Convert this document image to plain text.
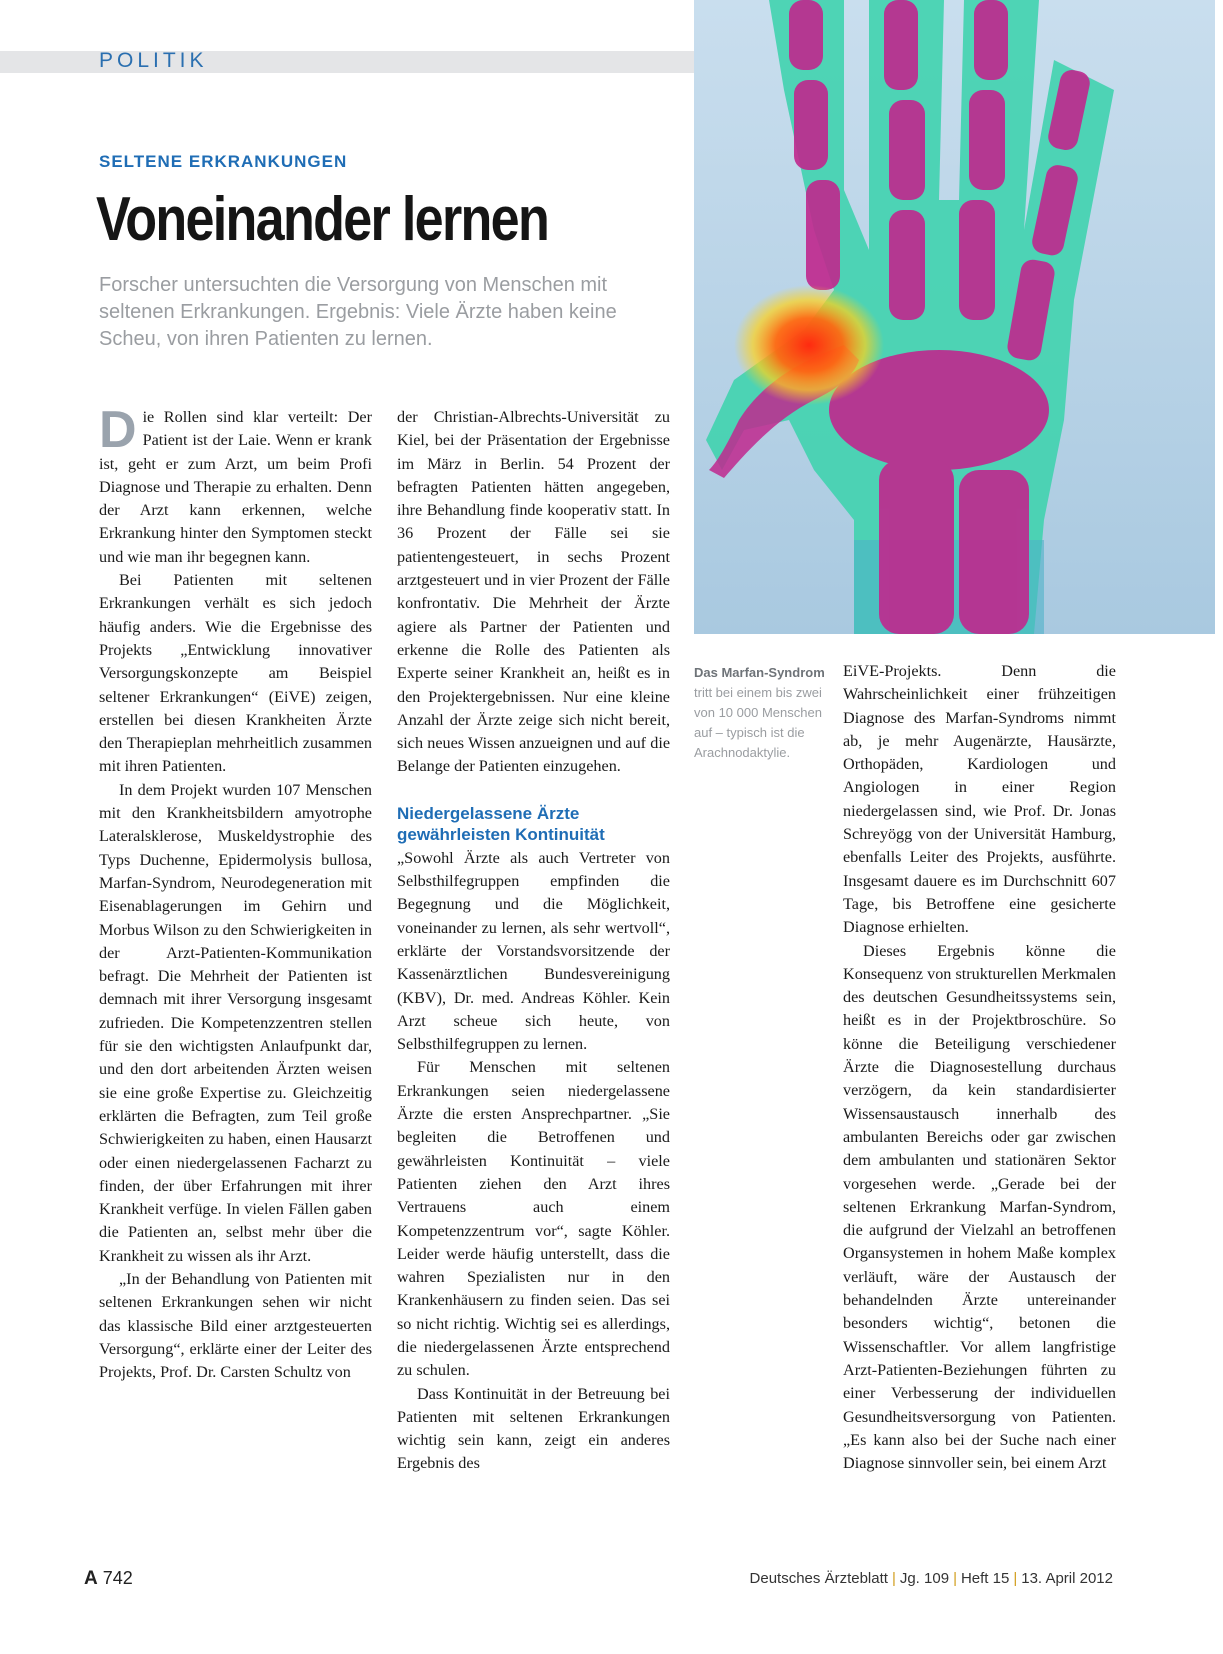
POLITIK
SELTENE ERKRANKUNGEN
Voneinander lernen
Forscher untersuchten die Versorgung von Menschen mit seltenen Erkrankungen. Ergebnis: Viele Ärzte haben keine Scheu, von ihren Patienten zu lernen.

Die Rollen sind klar verteilt: Der Patient ist der Laie. Wenn er krank ist, geht er zum Arzt, um beim Profi Diagnose und Therapie zu erhalten. Denn der Arzt kann erkennen, welche Erkrankung hinter den Symptomen steckt und wie man ihr begegnen kann.

Bei Patienten mit seltenen Erkrankungen verhält es sich jedoch häufig anders. Wie die Ergebnisse des Projekts „Entwicklung innovativer Versorgungskonzepte am Beispiel seltener Erkrankungen“ (EiVE) zeigen, erstellen bei diesen Krankheiten Ärzte den Therapieplan mehrheitlich zusammen mit ihren Patienten.

In dem Projekt wurden 107 Menschen mit den Krankheitsbildern amyotrophe Lateralsklerose, Muskeldystrophie des Typs Duchenne, Epidermolysis bullosa, Marfan-Syndrom, Neurodegeneration mit Eisenablagerungen im Gehirn und Morbus Wilson zu den Schwierigkeiten in der Arzt-Patienten-Kommunikation befragt. Die Mehrheit der Patienten ist demnach mit ihrer Versorgung insgesamt zufrieden. Die Kompetenzzentren stellen für sie den wichtigsten Anlaufpunkt dar, und den dort arbeitenden Ärzten weisen sie eine große Expertise zu. Gleichzeitig erklärten die Befragten, zum Teil große Schwierigkeiten zu haben, einen Hausarzt oder einen niedergelassenen Facharzt zu finden, der über Erfahrungen mit ihrer Krankheit verfüge. In vielen Fällen gaben die Patienten an, selbst mehr über die Krankheit zu wissen als ihr Arzt.

„In der Behandlung von Patienten mit seltenen Erkrankungen sehen wir nicht das klassische Bild einer arztgesteuerten Versorgung“, erklärte einer der Leiter des Projekts, Prof. Dr. Carsten Schultz von

der Christian-Albrechts-Universität zu Kiel, bei der Präsentation der Ergebnisse im März in Berlin. 54 Prozent der befragten Patienten hätten angegeben, ihre Behandlung finde kooperativ statt. In 36 Prozent der Fälle sei sie patientengesteuert, in sechs Prozent arztgesteuert und in vier Prozent der Fälle konfrontativ. Die Mehrheit der Ärzte agiere als Partner der Patienten und erkenne die Rolle des Patienten als Experte seiner Krankheit an, heißt es in den Projektergebnissen. Nur eine kleine Anzahl der Ärzte zeige sich nicht bereit, sich neues Wissen anzueignen und auf die Belange der Patienten einzugehen.

Niedergelassene Ärzte gewährleisten Kontinuität

„Sowohl Ärzte als auch Vertreter von Selbsthilfegruppen empfinden die Begegnung und die Möglichkeit, voneinander zu lernen, als sehr wertvoll“, erklärte der Vorstandsvorsitzende der Kassenärztlichen Bundesvereinigung (KBV), Dr. med. Andreas Köhler. Kein Arzt scheue sich heute, von Selbsthilfegruppen zu lernen.

Für Menschen mit seltenen Erkrankungen seien niedergelassene Ärzte die ersten Ansprechpartner. „Sie begleiten die Betroffenen und gewährleisten Kontinuität – viele Patienten ziehen den Arzt ihres Vertrauens auch einem Kompetenzzentrum vor“, sagte Köhler. Leider werde häufig unterstellt, dass die wahren Spezialisten nur in den Krankenhäusern zu finden seien. Das sei so nicht richtig. Wichtig sei es allerdings, die niedergelassenen Ärzte entsprechend zu schulen.

Dass Kontinuität in der Betreuung bei Patienten mit seltenen Erkrankungen wichtig sein kann, zeigt ein anderes Ergebnis des

Das Marfan-Syndrom tritt bei einem bis zwei von 10 000 Menschen auf – typisch ist die Arachnodaktylie.

EiVE-Projekts. Denn die Wahrscheinlichkeit einer frühzeitigen Diagnose des Marfan-Syndroms nimmt ab, je mehr Augenärzte, Hausärzte, Orthopäden, Kardiologen und Angiologen in einer Region niedergelassen sind, wie Prof. Dr. Jonas Schreyögg von der Universität Hamburg, ebenfalls Leiter des Projekts, ausführte. Insgesamt dauere es im Durchschnitt 607 Tage, bis Betroffene eine gesicherte Diagnose erhielten.

Dieses Ergebnis könne die Konsequenz von strukturellen Merkmalen des deutschen Gesundheitssystems sein, heißt es in der Projektbroschüre. So könne die Beteiligung verschiedener Ärzte die Diagnosestellung durchaus verzögern, da kein standardisierter Wissensaustausch innerhalb des ambulanten Bereichs oder gar zwischen dem ambulanten und stationären Sektor vorgesehen werde. „Gerade bei der seltenen Erkrankung Marfan-Syndrom, die aufgrund der Vielzahl an betroffenen Organsystemen in hohem Maße komplex verläuft, wäre der Austausch der behandelnden Ärzte untereinander besonders wichtig“, betonen die Wissenschaftler. Vor allem langfristige Arzt-Patienten-Beziehungen führten zu einer Verbesserung der individuellen Gesundheitsversorgung von Patienten. „Es kann also bei der Suche nach einer Diagnose sinnvoller sein, bei einem Arzt

A 742	Deutsches Ärzteblatt | Jg. 109 | Heft 15 | 13. April 2012
